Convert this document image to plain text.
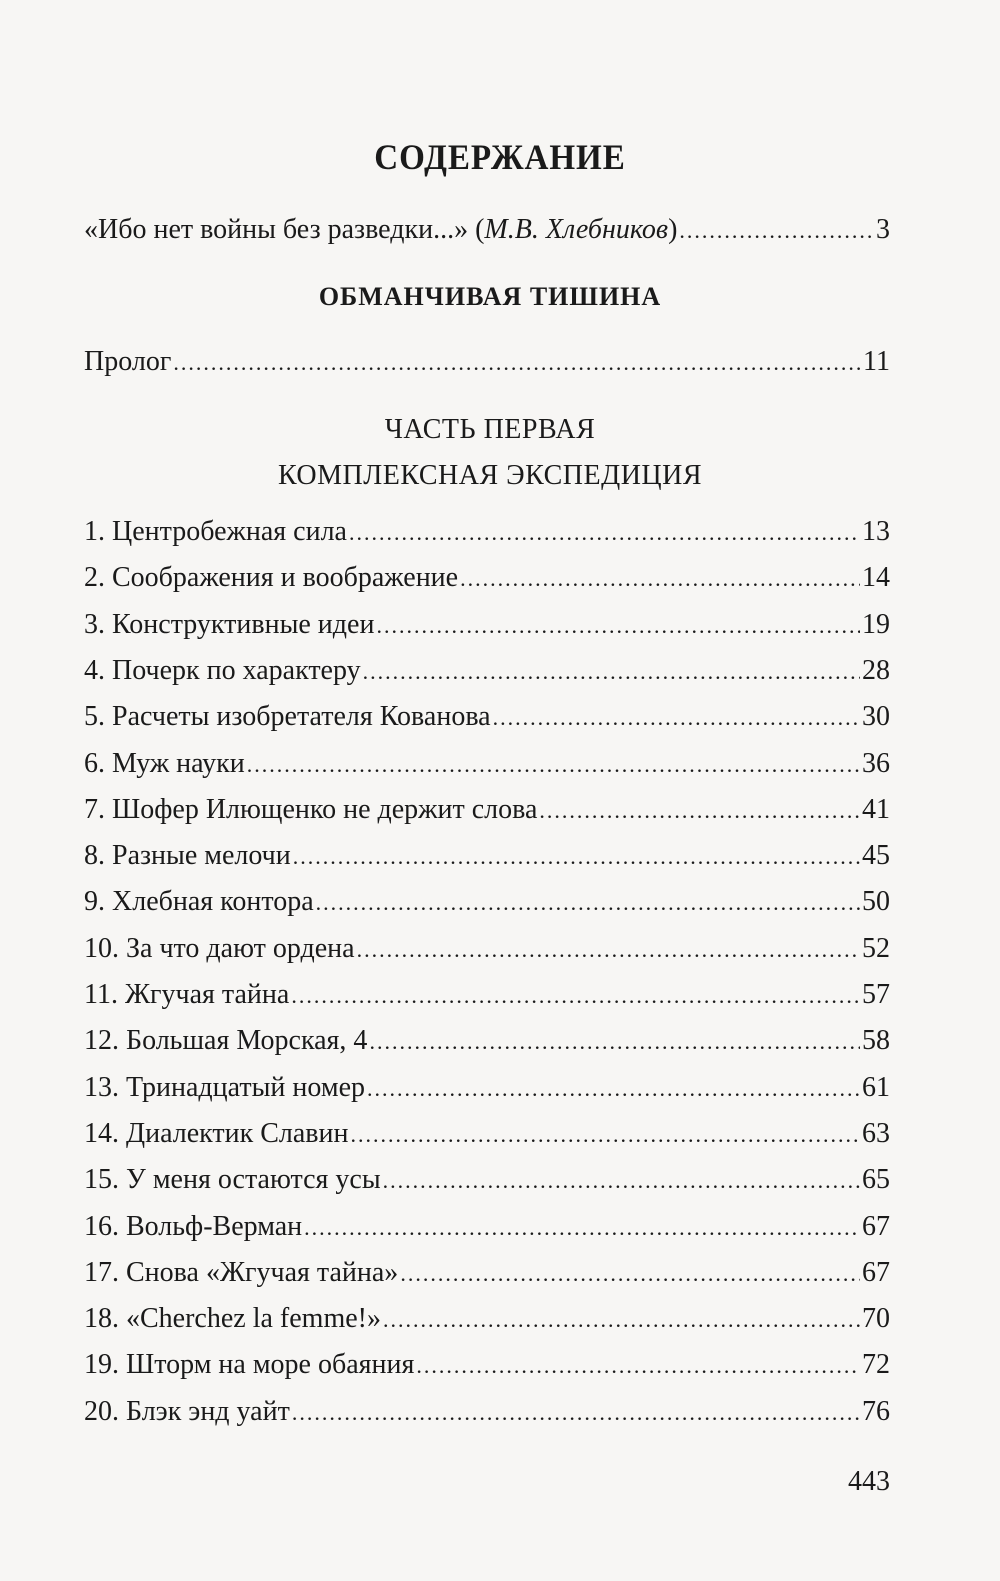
СОДЕРЖАНИЕ
«Ибо нет войны без разведки...» (М.В. Хлебников) .....	3
ОБМАНЧИВАЯ ТИШИНА
Пролог .....	11
ЧАСТЬ ПЕРВАЯ
КОМПЛЕКСНАЯ ЭКСПЕДИЦИЯ
1. Центробежная сила .....	13
2. Соображения и воображение .....	14
3. Конструктивные идеи .....	19
4. Почерк по характеру .....	28
5. Расчеты изобретателя Кованова .....	30
6. Муж науки .....	36
7. Шофер Илющенко не держит слова .....	41
8. Разные мелочи .....	45
9. Хлебная контора .....	50
10. За что дают ордена .....	52
11. Жгучая тайна .....	57
12. Большая Морская, 4 .....	58
13. Тринадцатый номер .....	61
14. Диалектик Славин .....	63
15. У меня остаются усы .....	65
16. Вольф-Верман .....	67
17. Снова «Жгучая тайна» .....	67
18. «Cherchez la femme!» .....	70
19. Шторм на море обаяния .....	72
20. Блэк энд уайт .....	76
443
